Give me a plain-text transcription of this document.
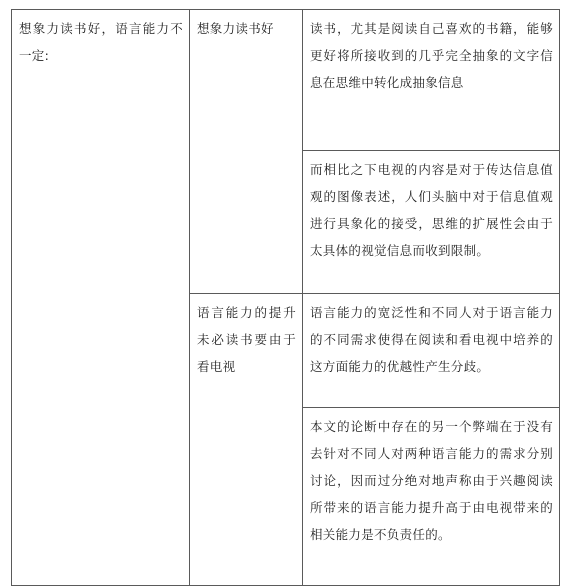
想象力读书好，语言能力不一定:	想象力读书好	读书，尤其是阅读自己喜欢的书籍，能够更好将所接收到的几乎完全抽象的文字信息在思维中转化成抽象信息
		而相比之下电视的内容是对于传达信息值观的图像表述，人们头脑中对于信息值观进行具象化的接受，思维的扩展性会由于太具体的视觉信息而收到限制。
	语言能力的提升未必读书要由于看电视	语言能力的宽泛性和不同人对于语言能力的不同需求使得在阅读和看电视中培养的这方面能力的优越性产生分歧。
		本文的论断中存在的另一个弊端在于没有去针对不同人对两种语言能力的需求分别讨论，因而过分绝对地声称由于兴趣阅读所带来的语言能力提升高于由电视带来的相关能力是不负责任的。
